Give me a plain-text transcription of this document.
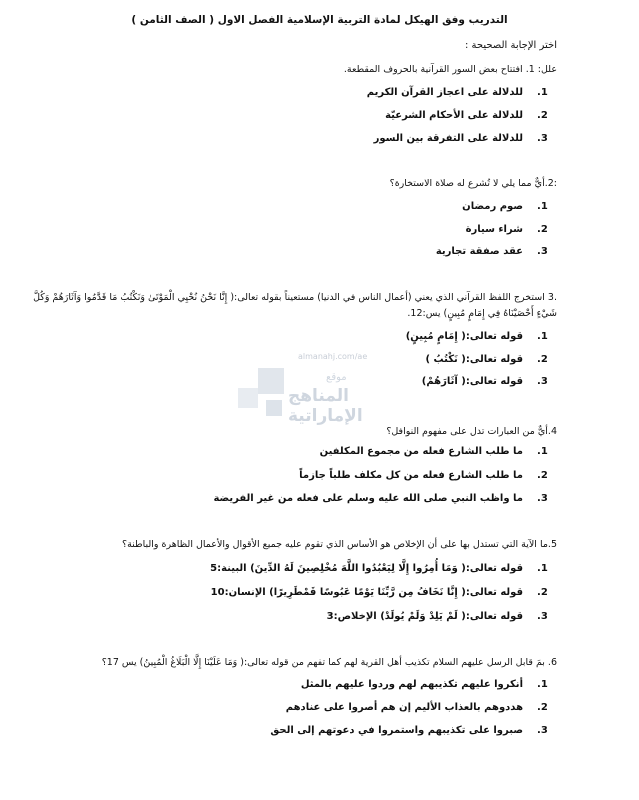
التدريب وفق الهيكل لمادة التربية الإسلامية الفصل الاول ( الصف الثامن )
اختر الإجابة الصحيحة :
علل: 1. افتتاح بعض السور القرآنية بالحروف المقطعة.
1.
للدلالة على اعجاز القرآن الكريم
2.
للدلالة على الأحكام الشرعيّة
3.
للدلالة على التفرقة بين السور
:2.أيٌّ مما يلي لا تُشرع له صلاة الاستخارة؟
1.
صوم رمضان
2.
شراء سيارة
3.
عقد صفقة تجارية
.3 استخرج اللفظ القرآني الذي يعني (أعمال الناس في الدنيا) مستعيناً بقوله تعالى:( إِنَّا نَحْنُ نُحْيِي الْمَوْتَىٰ وَنَكْتُبُ مَا قَدَّمُوا وَآثَارَهُمْ وَكُلَّ شَيْءٍ أَحْصَيْنَاهُ فِي إِمَامٍ مُبِينٍ) يس:12.
1.
قوله تعالى:( إِمَامٍ مُبِينٍ)
2.
قوله تعالى:( نَكْتُبُ )
3.
قوله تعالى:( آثَارَهُمْ)
almanahj.com/ae
موقع
المناهج الإماراتية
4.أيٌّ من العبارات تدل على مفهوم النوافل؟
1.
ما طلب الشارع فعله من مجموع المكلفين
2.
ما طلب الشارع فعله من كل مكلف طلباً جازماً
3.
ما واظب النبي صلى الله عليه وسلم على فعله من غير الفريضة
5.ما الآية التي تستدل بها على أن الإخلاص هو الأساس الذي تقوم عليه جميع الأقوال والأعمال الظاهرة والباطنة؟
1.
قوله تعالى:( وَمَا أُمِرُوا إِلَّا لِيَعْبُدُوا اللَّهَ مُخْلِصِينَ لَهُ الدِّينَ) البينة:5
2.
قوله تعالى:( إِنَّا نَخَافُ مِن رَّبِّنَا يَوْمًا عَبُوسًا قَمْطَرِيرًا) الإنسان:10
3.
قوله تعالى:( لَمْ يَلِدْ وَلَمْ يُولَدْ) الإخلاص:3
6. بمَ قابل الرسل عليهم السلام تكذيب أهل القرية لهم كما تفهم من قوله تعالى:( وَمَا عَلَيْنَا إِلَّا الْبَلَاغُ الْمُبِينُ) يس 17؟
1.
أنكروا عليهم تكذيبهم لهم وردوا عليهم بالمثل
2.
هددوهم بالعذاب الأليم إن هم أصروا على عنادهم
3.
صبروا على تكذيبهم واستمروا في دعوتهم إلى الحق
